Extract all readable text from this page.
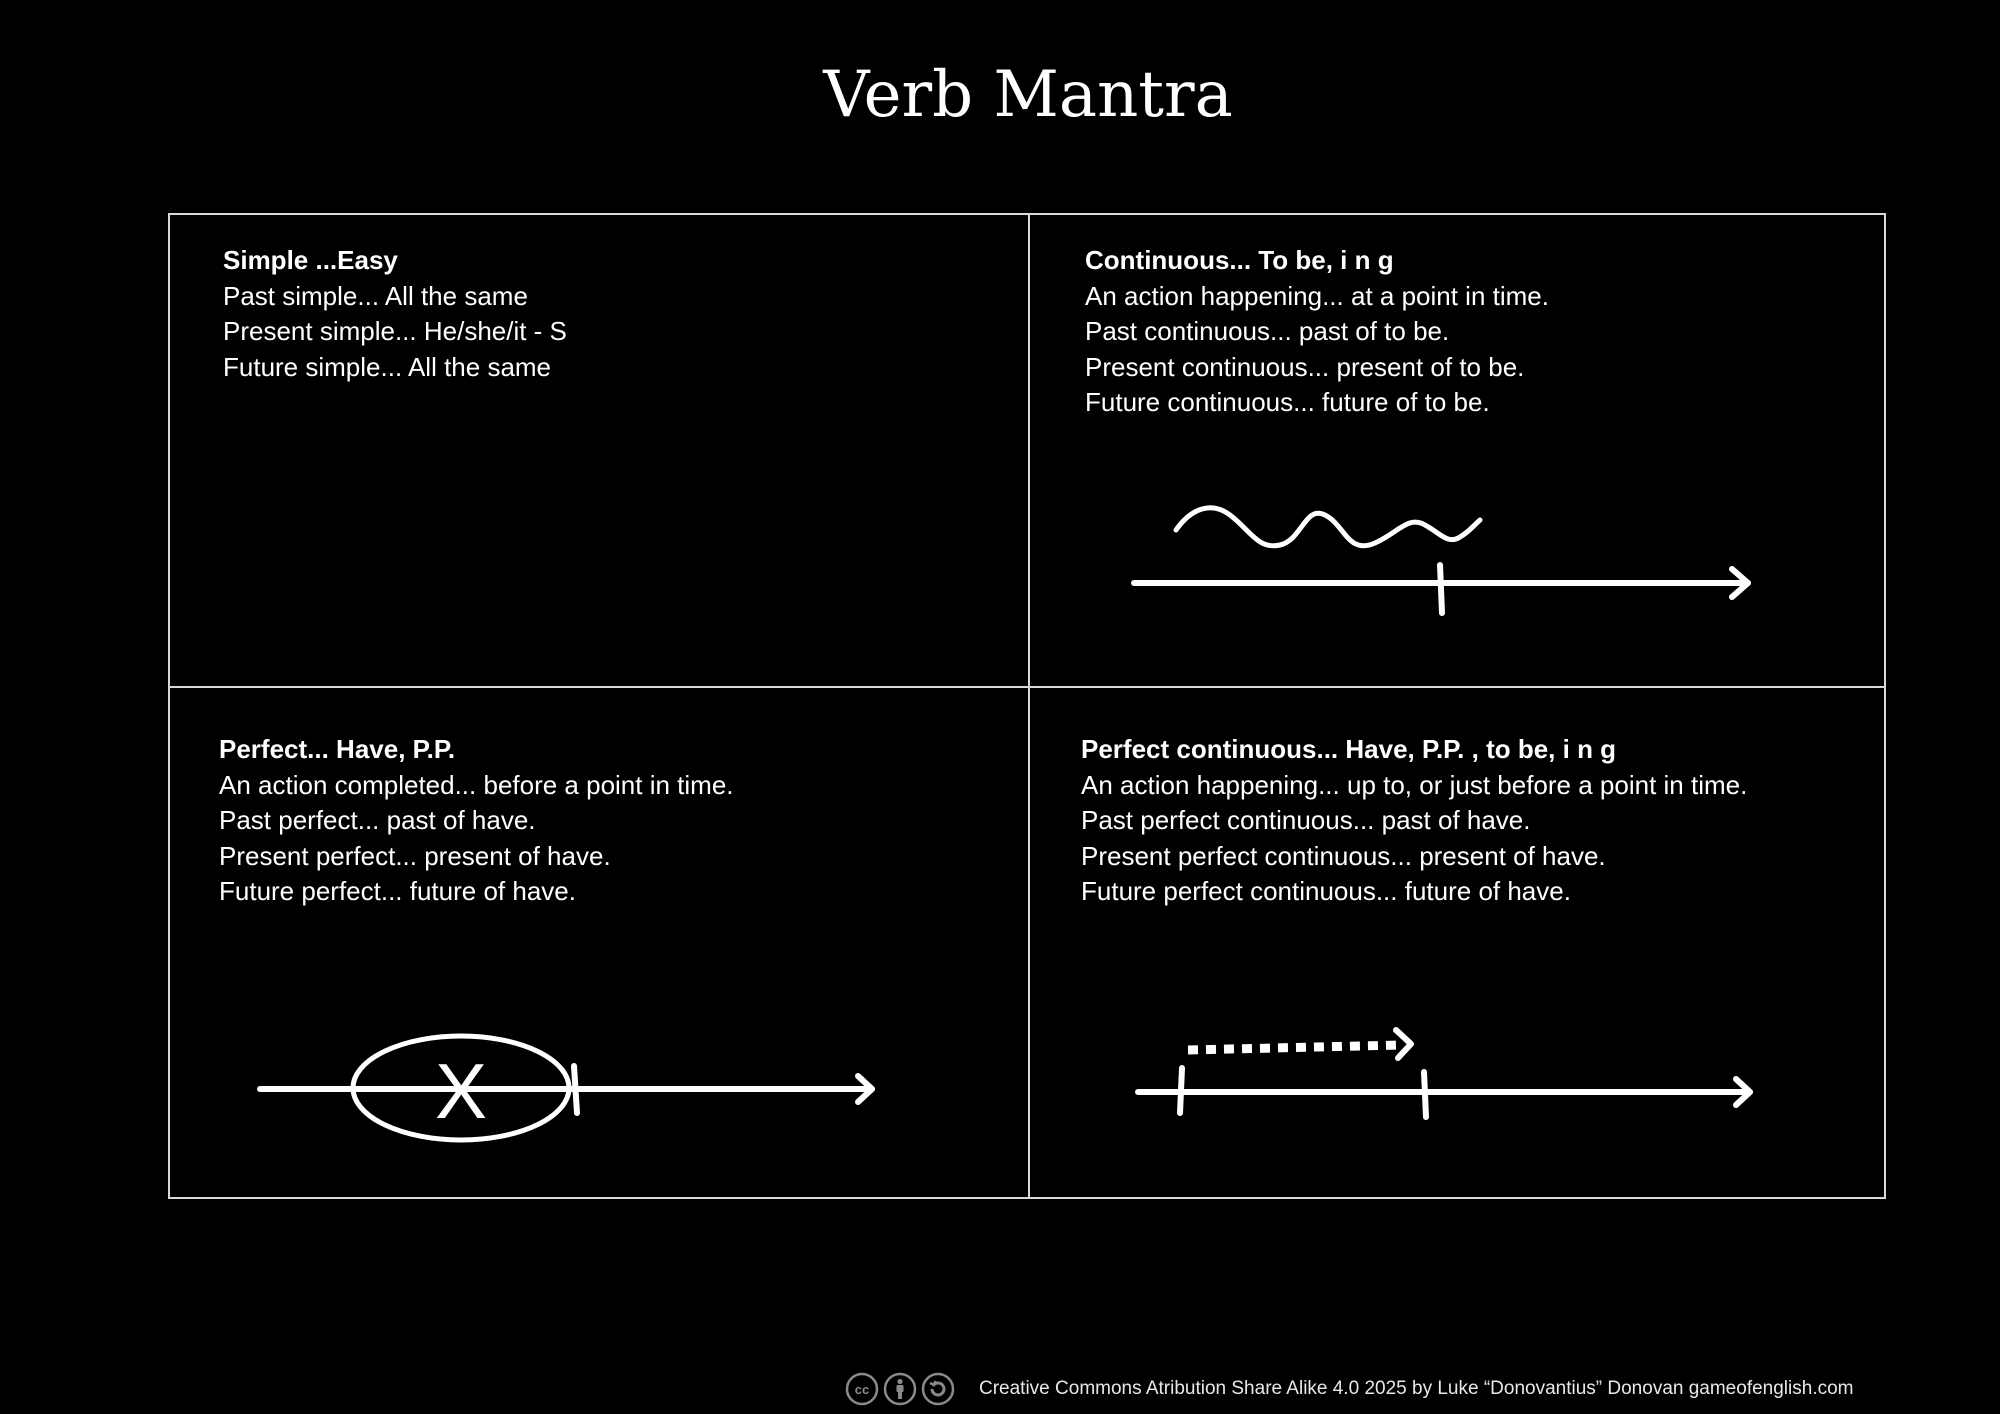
Verb Mantra
Simple ...Easy
Past simple... All the same
Present simple... He/she/it - S
Future simple... All the same
Continuous... To be, i n g
An action happening... at a point in time.
Past continuous... past of to be.
Present continuous... present of to be.
Future continuous... future of to be.
Perfect... Have, P.P.
An action completed... before a point in time.
Past perfect... past of have.
Present perfect... present of have.
Future perfect... future of have.
X
Perfect continuous... Have, P.P. , to be, i n g
An action happening... up to, or just before a point in time.
Past perfect continuous... past of have.
Present perfect continuous... present of have.
Future perfect continuous... future of have.
cc	Creative Commons Atribution Share Alike 4.0 2025 by Luke “Donovantius” Donovan gameofenglish.com
